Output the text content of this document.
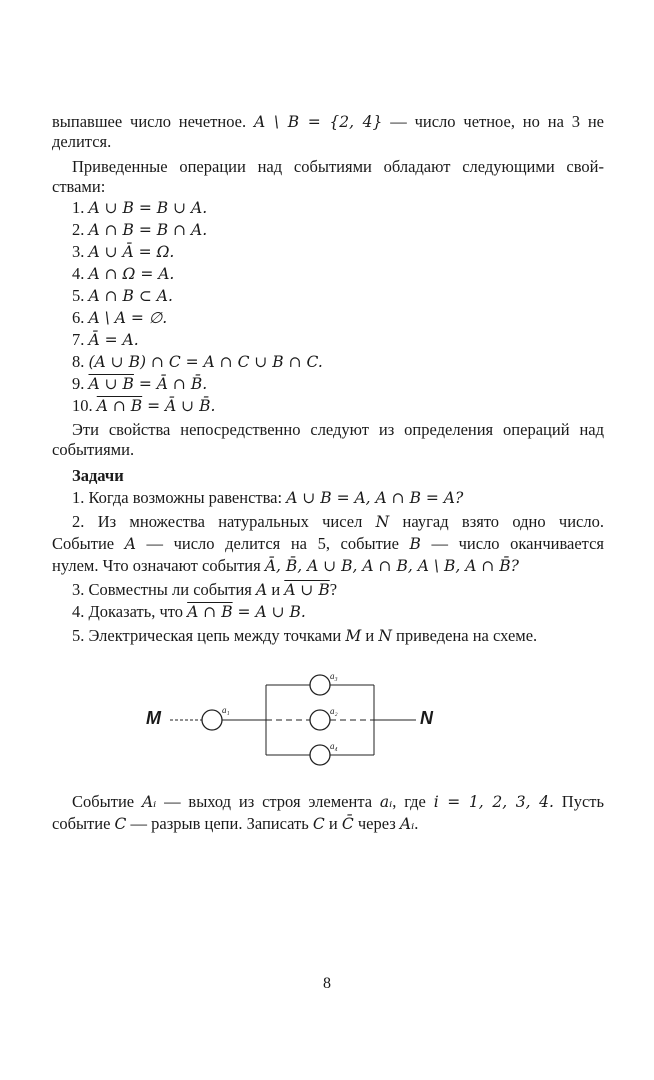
выпавшее число нечетное. A \ B = {2, 4} — число четное, но на 3 не
делится.
Приведенные операции над событиями обладают следующими свой-
ствами:
1. A ∪ B = B ∪ A.
2. A ∩ B = B ∩ A.
3. A ∪ Ā = Ω.
4. A ∩ Ω = A.
5. A ∩ B ⊂ A.
6. A \ A = ∅.
7. Ā = A.
8. (A ∪ B) ∩ C = A ∩ C ∪ B ∩ C.
9. A ∪ B = Ā ∩ B̄.
10. A ∩ B = Ā ∪ B̄.
Эти свойства непосредственно следуют из определения операций над
событиями.
Задачи
1. Когда возможны равенства: A ∪ B = A, A ∩ B = A?
2. Из множества натуральных чисел N наугад взято одно число.
Событие A — число делится на 5, событие B — число оканчивается
нулем. Что означают события Ā, B̄, A ∪ B, A ∩ B, A \ B, A ∩ B̄?
3. Совместны ли события A и A ∪ B?
4. Доказать, что A ∩ B = A ∪ B.
5. Электрическая цепь между точками M и N приведена на схеме.
a₁
a₃
a₂
a₄
M	N
Событие Aᵢ — выход из строя элемента aᵢ, где i = 1, 2, 3, 4. Пусть
событие C — разрыв цепи. Записать C и C̄ через Aᵢ.
8
